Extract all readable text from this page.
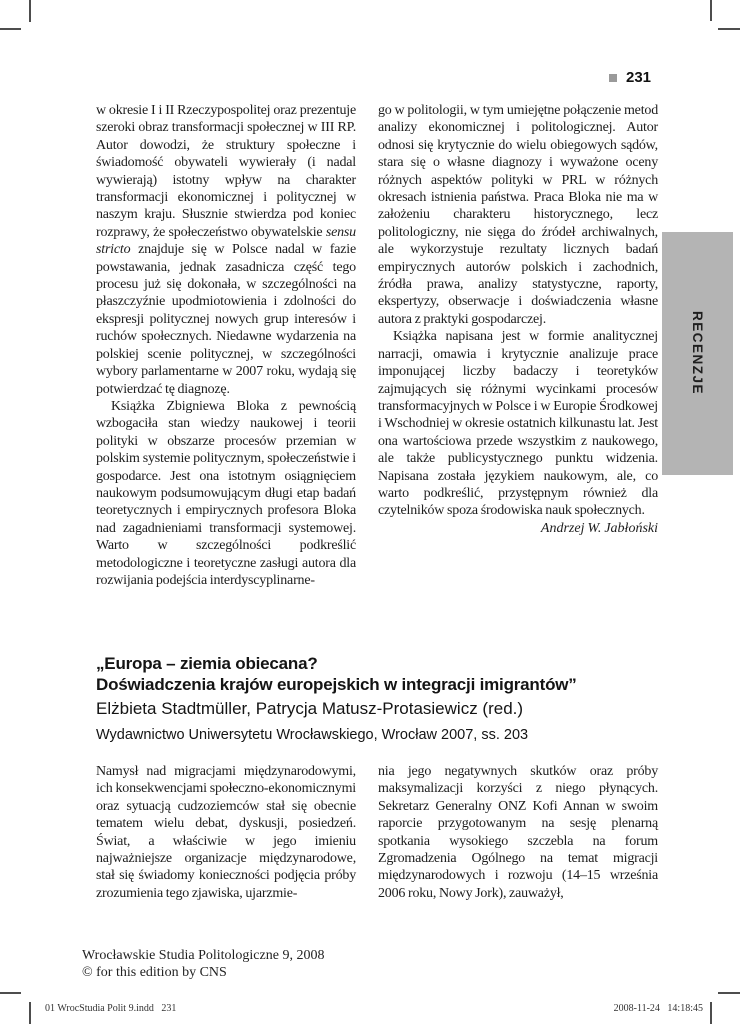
231
RECENZJE

w okresie I i II Rzeczypospolitej oraz prezentuje szeroki obraz transformacji społecznej w III RP. Autor dowodzi, że struktury społeczne i świadomość obywateli wywierały (i nadal wywierają) istotny wpływ na charakter transformacji ekonomicznej i politycznej w naszym kraju. Słusznie stwierdza pod koniec rozprawy, że społeczeństwo obywatelskie sensu stricto znajduje się w Polsce nadal w fazie powstawania, jednak zasadnicza część tego procesu już się dokonała, w szczególności na płaszczyźnie upodmiotowienia i zdolności do ekspresji politycznej nowych grup interesów i ruchów społecznych. Niedawne wydarzenia na polskiej scenie politycznej, w szczególności wybory parlamentarne w 2007 roku, wydają się potwierdzać tę diagnozę.

Książka Zbigniewa Bloka z pewnością wzbogaciła stan wiedzy naukowej i teorii polityki w obszarze procesów przemian w polskim systemie politycznym, społeczeństwie i gospodarce. Jest ona istotnym osiągnięciem naukowym podsumowującym długi etap badań teoretycznych i empirycznych profesora Bloka nad zagadnieniami transformacji systemowej. Warto w szczególności podkreślić metodologiczne i teoretyczne zasługi autora dla rozwijania podejścia interdyscyplinarne-

go w politologii, w tym umiejętne połączenie metod analizy ekonomicznej i politologicznej. Autor odnosi się krytycznie do wielu obiegowych sądów, stara się o własne diagnozy i wyważone oceny różnych aspektów polityki w PRL w różnych okresach istnienia państwa. Praca Bloka nie ma w założeniu charakteru historycznego, lecz politologiczny, nie sięga do źródeł archiwalnych, ale wykorzystuje rezultaty licznych badań empirycznych autorów polskich i zachodnich, źródła prawa, analizy statystyczne, raporty, ekspertyzy, obserwacje i doświadczenia własne autora z praktyki gospodarczej.

Książka napisana jest w formie analitycznej narracji, omawia i krytycznie analizuje prace imponującej liczby badaczy i teoretyków zajmujących się różnymi wycinkami procesów transformacyjnych w Polsce i w Europie Środkowej i Wschodniej w okresie ostatnich kilkunastu lat. Jest ona wartościowa przede wszystkim z naukowego, ale także publicystycznego punktu widzenia. Napisana została językiem naukowym, ale, co warto podkreślić, przystępnym również dla czytelników spoza środowiska nauk społecznych.

Andrzej W. Jabłoński

„Europa – ziemia obiecana?
Doświadczenia krajów europejskich w integracji imigrantów”
Elżbieta Stadtmüller, Patrycja Matusz-Protasiewicz (red.)
Wydawnictwo Uniwersytetu Wrocławskiego, Wrocław 2007, ss. 203

Namysł nad migracjami międzynarodowymi, ich konsekwencjami społeczno-ekonomicznymi oraz sytuacją cudzoziemców stał się obecnie tematem wielu debat, dyskusji, posiedzeń. Świat, a właściwie w jego imieniu najważniejsze organizacje międzynarodowe, stał się świadomy konieczności podjęcia próby zrozumienia tego zjawiska, ujarzmie-

nia jego negatywnych skutków oraz próby maksymalizacji korzyści z niego płynących. Sekretarz Generalny ONZ Kofi Annan w swoim raporcie przygotowanym na sesję plenarną spotkania wysokiego szczebla na forum Zgromadzenia Ogólnego na temat migracji międzynarodowych i rozwoju (14–15 września 2006 roku, Nowy Jork), zauważył,

Wrocławskie Studia Politologiczne 9, 2008
© for this edition by CNS
01 WrocStudia Polit 9.indd   231	2008-11-24   14:18:45
